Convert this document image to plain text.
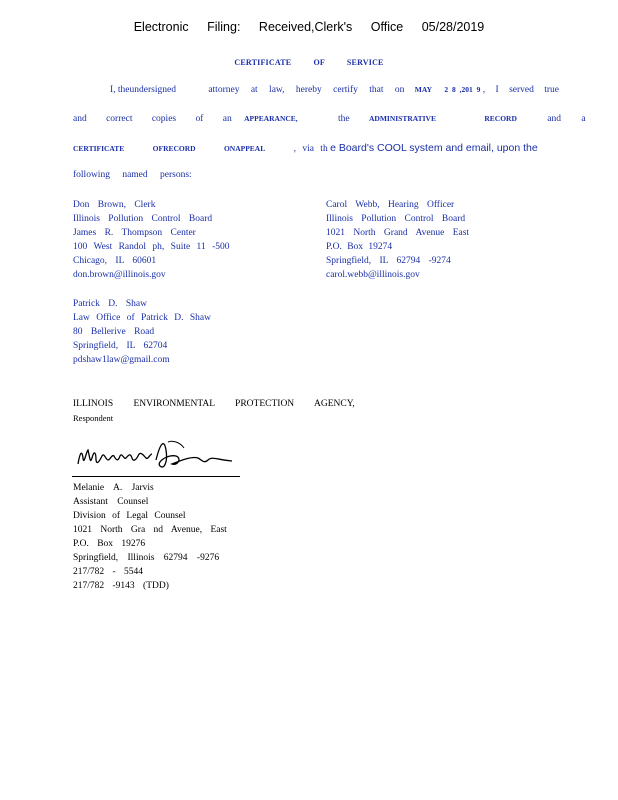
Electronic Filing: Received,Clerk's Office 05/28/2019
CERTIFICATE OF SERVICE
I, theundersigned	attorney at law, hereby certify that on MAY 2 8 ,201 9 , I served true
and correct copies of an APPEARANCE,	the	ADMINISTRATIVE	RECORD	and a
CERTIFICATE	OFRECORD	ONAPPEAL	, via th e Board's COOL system and email, upon the
following named persons:
Don Brown, Clerk
Illinois Pollution Control Board
James R. Thompson Center
100 West Randol ph, Suite 11 -500
Chicago, IL 60601
don.brown@illinois.gov
Carol Webb, Hearing Officer
Illinois Pollution Control Board
1021 North Grand Avenue East
P.O. Box 19274
Springfield, IL 62794 -9274
carol.webb@illinois.gov
Patrick D. Shaw
Law Office of Patrick D. Shaw
80 Bellerive Road
Springfield, IL 62704
pdshaw1law@gmail.com
ILLINOIS ENVIRONMENTAL PROTECTION AGENCY,
Respondent
Melanie A. Jarvis
Assistant Counsel
Division of Legal Counsel
1021 North Gra nd Avenue, East
P.O. Box 19276
Springfield, Illinois 62794 -9276
217/782 - 5544
217/782 -9143 (TDD)
